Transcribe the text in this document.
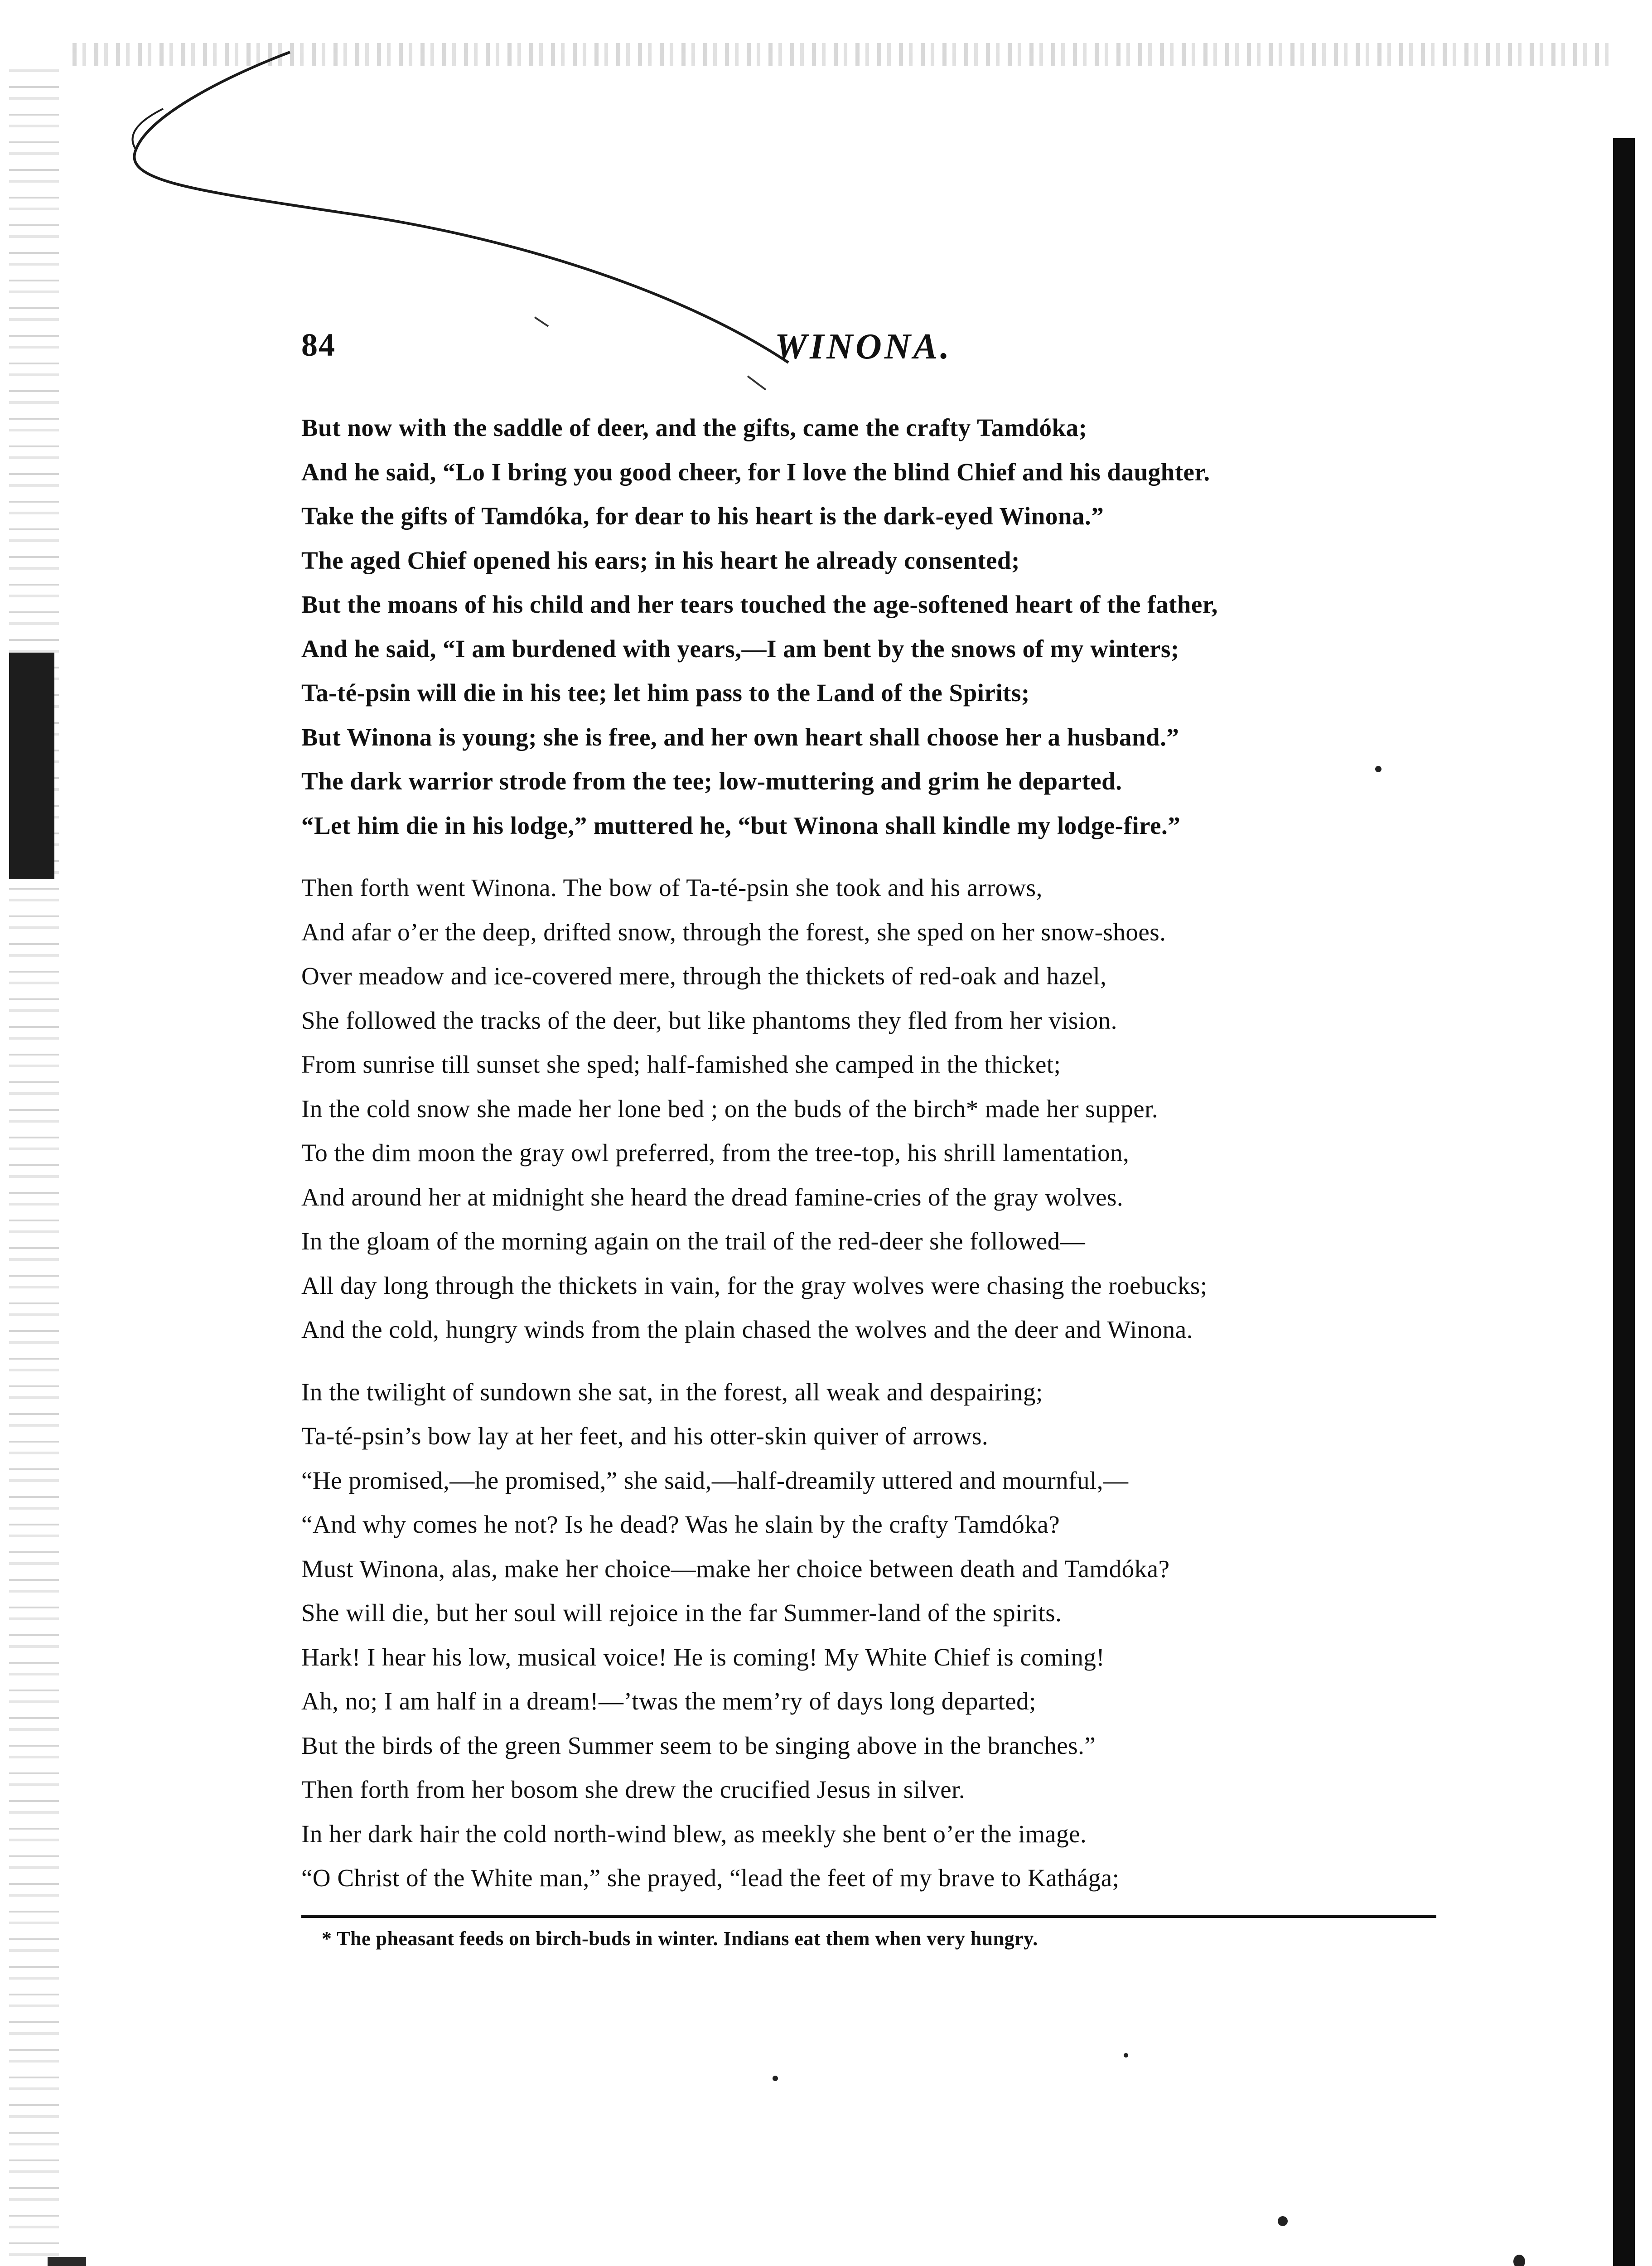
84	WINONA.
But now with the saddle of deer, and the gifts, came the crafty Tamdóka;
And he said, “Lo I bring you good cheer, for I love the blind Chief and his daughter.
Take the gifts of Tamdóka, for dear to his heart is the dark-eyed Winona.”
The aged Chief opened his ears; in his heart he already consented;
But the moans of his child and her tears touched the age-softened heart of the father,
And he said, “I am burdened with years,—I am bent by the snows of my winters;
Ta-té-psin will die in his tee; let him pass to the Land of the Spirits;
But Winona is young; she is free, and her own heart shall choose her a husband.”
The dark warrior strode from the tee; low-muttering and grim he departed.
“Let him die in his lodge,” muttered he, “but Winona shall kindle my lodge-fire.”
Then forth went Winona. The bow of Ta-té-psin she took and his arrows,
And afar o’er the deep, drifted snow, through the forest, she sped on her snow-shoes.
Over meadow and ice-covered mere, through the thickets of red-oak and hazel,
She followed the tracks of the deer, but like phantoms they fled from her vision.
From sunrise till sunset she sped; half-famished she camped in the thicket;
In the cold snow she made her lone bed ; on the buds of the birch* made her supper.
To the dim moon the gray owl preferred, from the tree-top, his shrill lamentation,
And around her at midnight she heard the dread famine-cries of the gray wolves.
In the gloam of the morning again on the trail of the red-deer she followed—
All day long through the thickets in vain, for the gray wolves were chasing the roebucks;
And the cold, hungry winds from the plain chased the wolves and the deer and Winona.
In the twilight of sundown she sat, in the forest, all weak and despairing;
Ta-té-psin’s bow lay at her feet, and his otter-skin quiver of arrows.
“He promised,—he promised,” she said,—half-dreamily uttered and mournful,—
“And why comes he not? Is he dead? Was he slain by the crafty Tamdóka?
Must Winona, alas, make her choice—make her choice between death and Tamdóka?
She will die, but her soul will rejoice in the far Summer-land of the spirits.
Hark! I hear his low, musical voice! He is coming! My White Chief is coming!
Ah, no; I am half in a dream!—’twas the mem’ry of days long departed;
But the birds of the green Summer seem to be singing above in the branches.”
Then forth from her bosom she drew the crucified Jesus in silver.
In her dark hair the cold north-wind blew, as meekly she bent o’er the image.
“O Christ of the White man,” she prayed, “lead the feet of my brave to Kathága;
* The pheasant feeds on birch-buds in winter. Indians eat them when very hungry.
